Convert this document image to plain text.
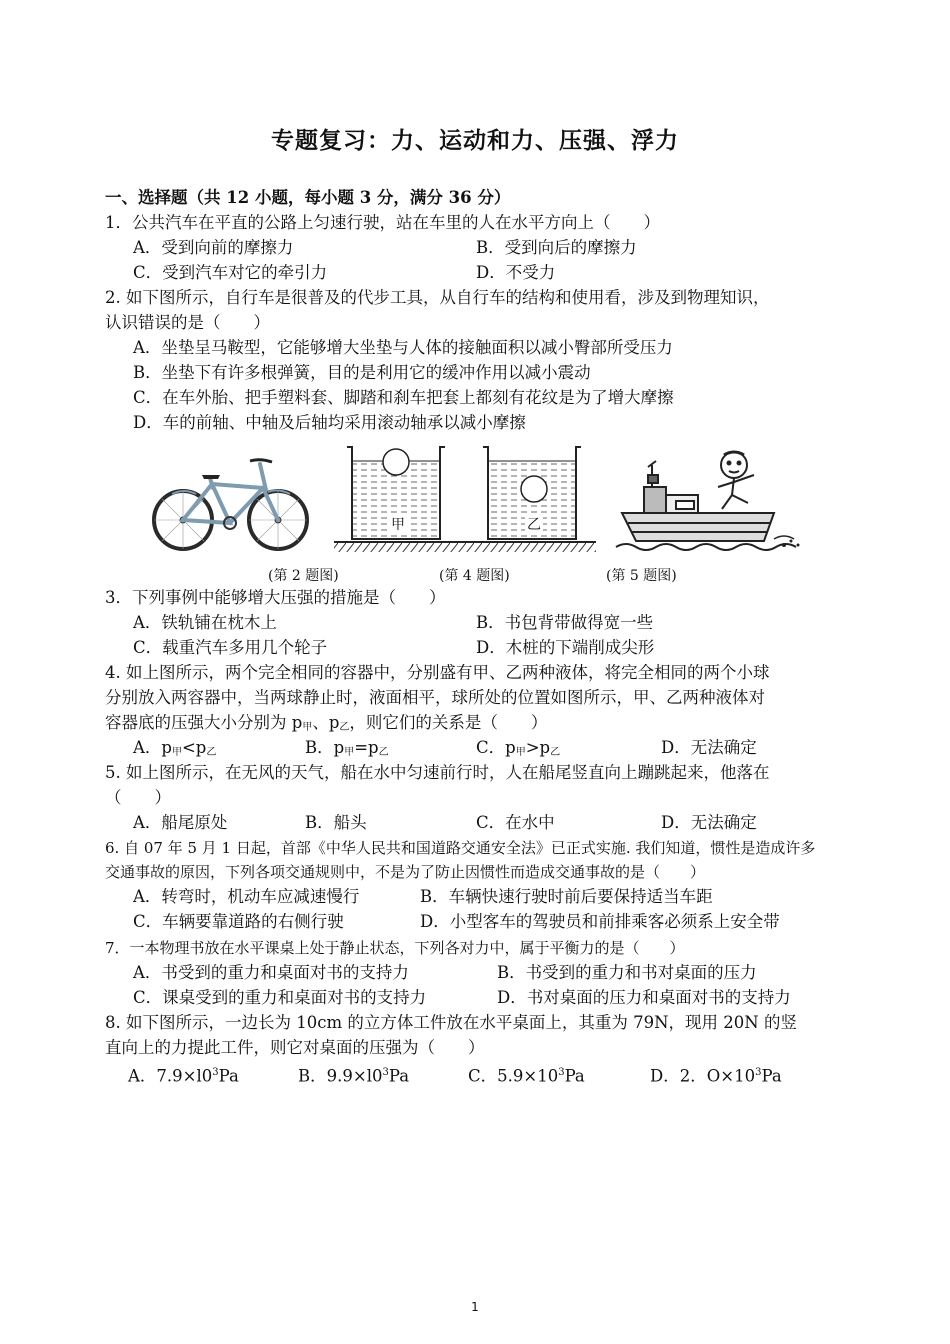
专题复习：力、运动和力、压强、浮力
一、选择题（共 12 小题，每小题 3 分，满分 36 分）
1．公共汽车在平直的公路上匀速行驶，站在车里的人在水平方向上（　　）
A．受到向前的摩擦力	B．受到向后的摩擦力
C．受到汽车对它的牵引力	D．不受力
2. 如下图所示，自行车是很普及的代步工具，从自行车的结构和使用看，涉及到物理知识，
认识错误的是（　　）
A．坐垫呈马鞍型，它能够增大坐垫与人体的接触面积以减小臀部所受压力
B．坐垫下有许多根弹簧，目的是利用它的缓冲作用以减小震动
C．在车外胎、把手塑料套、脚踏和刹车把套上都刻有花纹是为了增大摩擦
D．车的前轴、中轴及后轴均采用滚动轴承以减小摩擦
甲	乙
(第 2 题图)	(第 4 题图)	(第 5 题图)
3．下列事例中能够增大压强的措施是（　　）
A．铁轨铺在枕木上	B．书包背带做得宽一些
C．载重汽车多用几个轮子	D．木桩的下端削成尖形
4. 如上图所示，两个完全相同的容器中，分别盛有甲、乙两种液体，将完全相同的两个小球
分别放入两容器中，当两球静止时，液面相平，球所处的位置如图所示，甲、乙两种液体对
容器底的压强大小分别为 $p_甲$、$p_乙$，则它们的关系是（　　）
A．$p_甲<p_乙$	B．$p_甲=p_乙$	C．$p_甲>p_乙$	D．无法确定
5. 如上图所示，在无风的天气，船在水中匀速前行时，人在船尾竖直向上蹦跳起来，他落在
（　　）
A．船尾原处	B．船头	C．在水中	D．无法确定
6. 自 07 年 5 月 1 日起，首部《中华人民共和国道路交通安全法》已正式实施. 我们知道，惯性是造成许多
交通事故的原因，下列各项交通规则中，不是为了防止因惯性而造成交通事故的是（　　）
A．转弯时，机动车应减速慢行	B．车辆快速行驶时前后要保持适当车距
C．车辆要靠道路的右侧行驶	D．小型客车的驾驶员和前排乘客必须系上安全带
7．一本物理书放在水平课桌上处于静止状态，下列各对力中，属于平衡力的是（　　）
A．书受到的重力和桌面对书的支持力	B．书受到的重力和书对桌面的压力
C．课桌受到的重力和桌面对书的支持力	D．书对桌面的压力和桌面对书的支持力
8. 如下图所示，一边长为 10cm 的立方体工件放在水平桌面上，其重为 79N，现用 20N 的竖
直向上的力提此工件，则它对桌面的压强为（　　）
A．$7.9\times l0^3Pa$	B．$9.9\times l0^3Pa$	C．$5.9\times 10^3Pa$	D．2．$O\times 10^3Pa$
1
